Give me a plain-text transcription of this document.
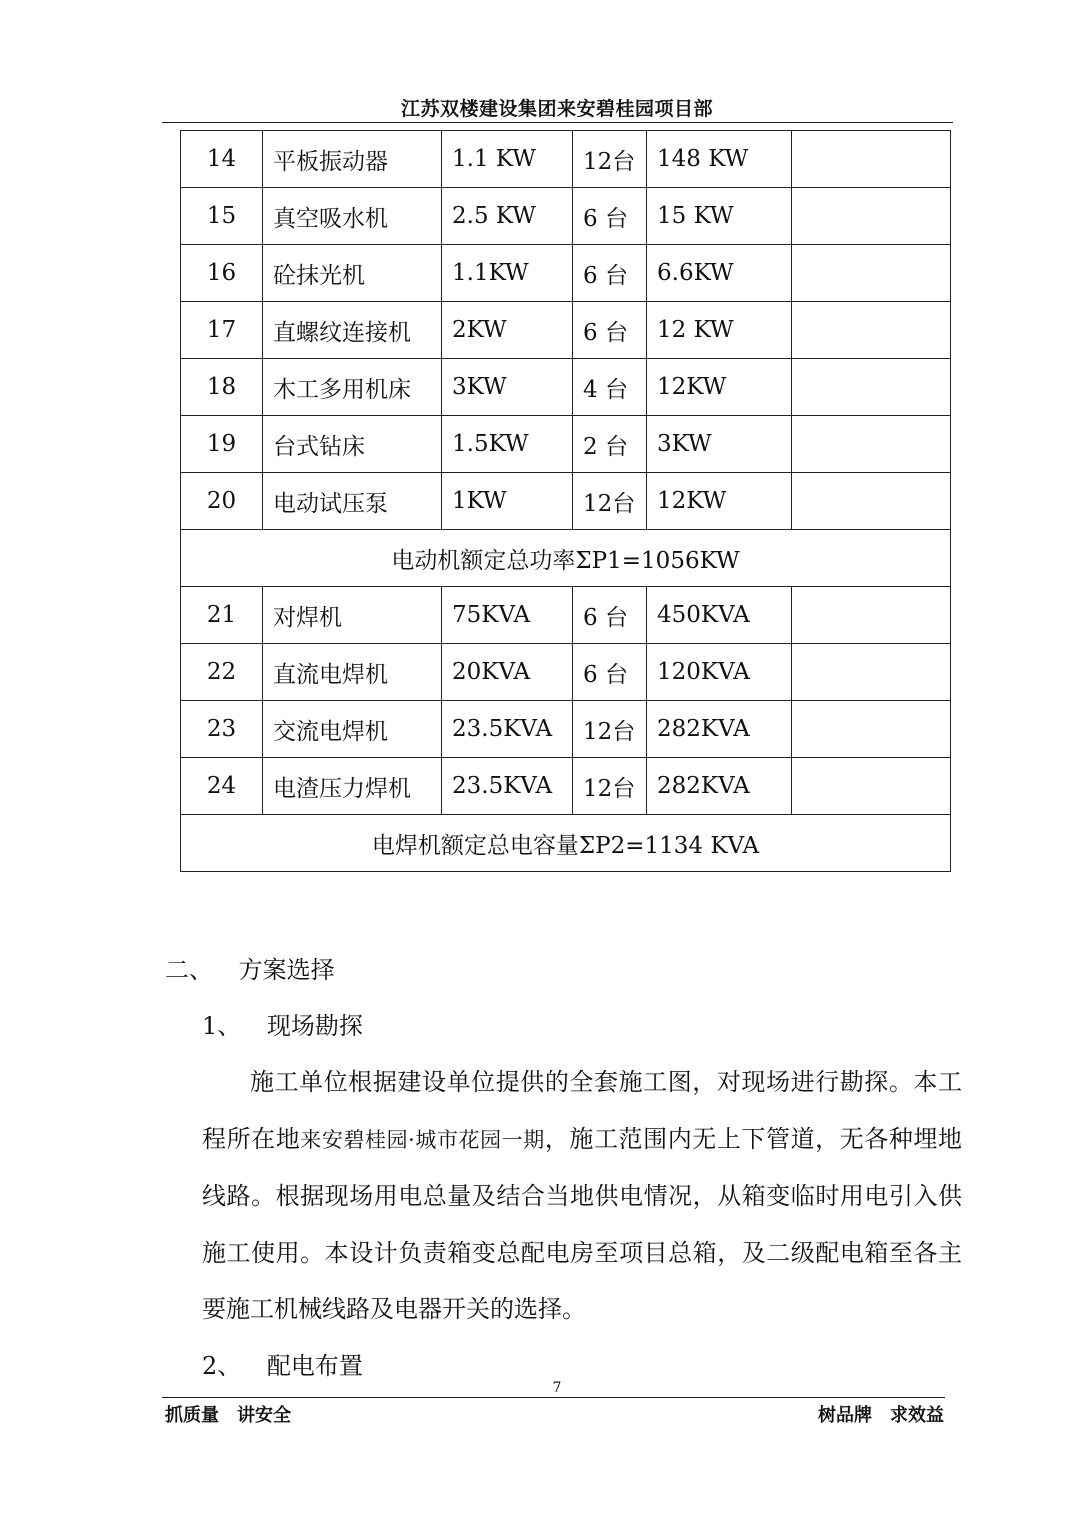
江苏双楼建设集团来安碧桂园项目部
14	平板振动器	1.1 KW	12台	148 KW	
15	真空吸水机	2.5 KW	6 台	15 KW	
16	砼抹光机	1.1KW	6 台	6.6KW	
17	直螺纹连接机	2KW	6 台	12 KW	
18	木工多用机床	3KW	4 台	12KW	
19	台式钻床	1.5KW	2 台	3KW	
20	电动试压泵	1KW	12台	12KW	
电动机额定总功率ΣP1=1056KW					
21	对焊机	75KVA	6 台	450KVA	
22	直流电焊机	20KVA	6 台	120KVA	
23	交流电焊机	23.5KVA	12台	282KVA	
24	电渣压力焊机	23.5KVA	12台	282KVA	
电焊机额定总电容量ΣP2=1134 KVA					
二、 方案选择
1、 现场勘探
施工单位根据建设单位提供的全套施工图，对现场进行勘探。本工程所在地来安碧桂园·城市花园一期，施工范围内无上下管道，无各种埋地线路。根据现场用电总量及结合当地供电情况，从箱变临时用电引入供施工使用。本设计负责箱变总配电房至项目总箱，及二级配电箱至各主要施工机械线路及电器开关的选择。
2、 配电布置
7
抓质量　讲安全	树品牌　求效益
